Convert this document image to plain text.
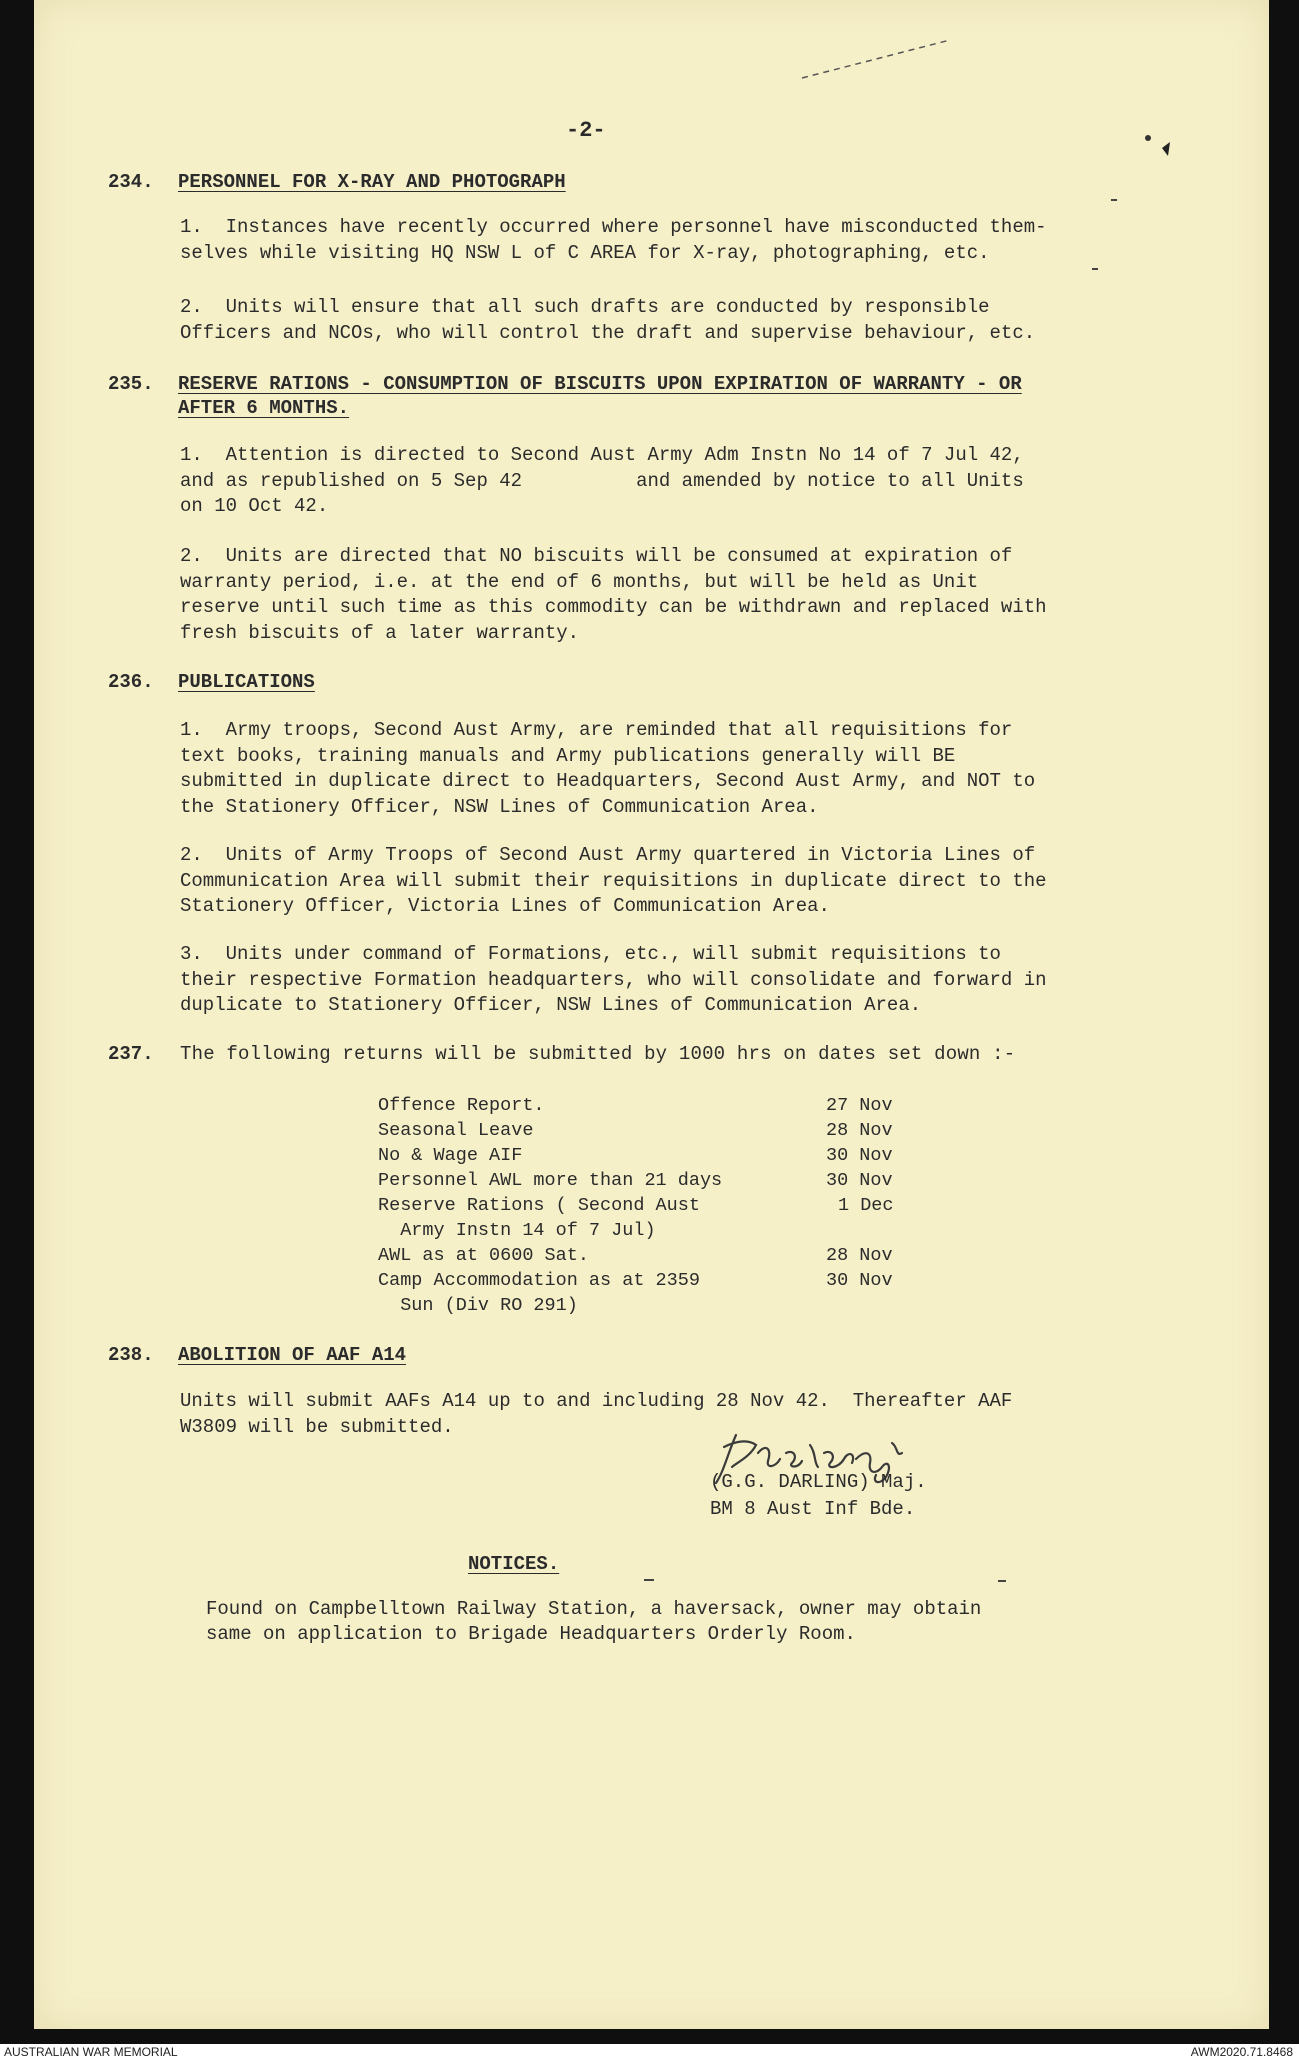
-2-
234. PERSONNEL FOR X-RAY AND PHOTOGRAPH
1.  Instances have recently occurred where personnel have misconducted them-
selves while visiting HQ NSW L of C AREA for X-ray, photographing, etc.
2.  Units will ensure that all such drafts are conducted by responsible
Officers and NCOs, who will control the draft and supervise behaviour, etc.
235. RESERVE RATIONS - CONSUMPTION OF BISCUITS UPON EXPIRATION OF WARRANTY - OR
AFTER 6 MONTHS.
1.  Attention is directed to Second Aust Army Adm Instn No 14 of 7 Jul 42,
and as republished on 5 Sep 42          and amended by notice to all Units
on 10 Oct 42.
2.  Units are directed that NO biscuits will be consumed at expiration of
warranty period, i.e. at the end of 6 months, but will be held as Unit
reserve until such time as this commodity can be withdrawn and replaced with
fresh biscuits of a later warranty.
236. PUBLICATIONS
1.  Army troops, Second Aust Army, are reminded that all requisitions for
text books, training manuals and Army publications generally will BE
submitted in duplicate direct to Headquarters, Second Aust Army, and NOT to
the Stationery Officer, NSW Lines of Communication Area.
2.  Units of Army Troops of Second Aust Army quartered in Victoria Lines of
Communication Area will submit their requisitions in duplicate direct to the
Stationery Officer, Victoria Lines of Communication Area.
3.  Units under command of Formations, etc., will submit requisitions to
their respective Formation headquarters, who will consolidate and forward in
duplicate to Stationery Officer, NSW Lines of Communication Area.
237. The following returns will be submitted by 1000 hrs on dates set down :-
Offence Report.	27 Nov
Seasonal Leave	28 Nov
No & Wage AIF	30 Nov
Personnel AWL more than 21 days	30 Nov
Reserve Rations ( Second Aust	1 Dec
Army Instn 14 of 7 Jul)
AWL as at 0600 Sat.	28 Nov
Camp Accommodation as at 2359	30 Nov
Sun (Div RO 291)
238. ABOLITION OF AAF A14
Units will submit AAFs A14 up to and including 28 Nov 42.  Thereafter AAF
W3809 will be submitted.
(G.G. DARLING) Maj.
BM 8 Aust Inf Bde.
NOTICES.
Found on Campbelltown Railway Station, a haversack, owner may obtain
same on application to Brigade Headquarters Orderly Room.
AUSTRALIAN WAR MEMORIAL	AWM2020.71.8468
